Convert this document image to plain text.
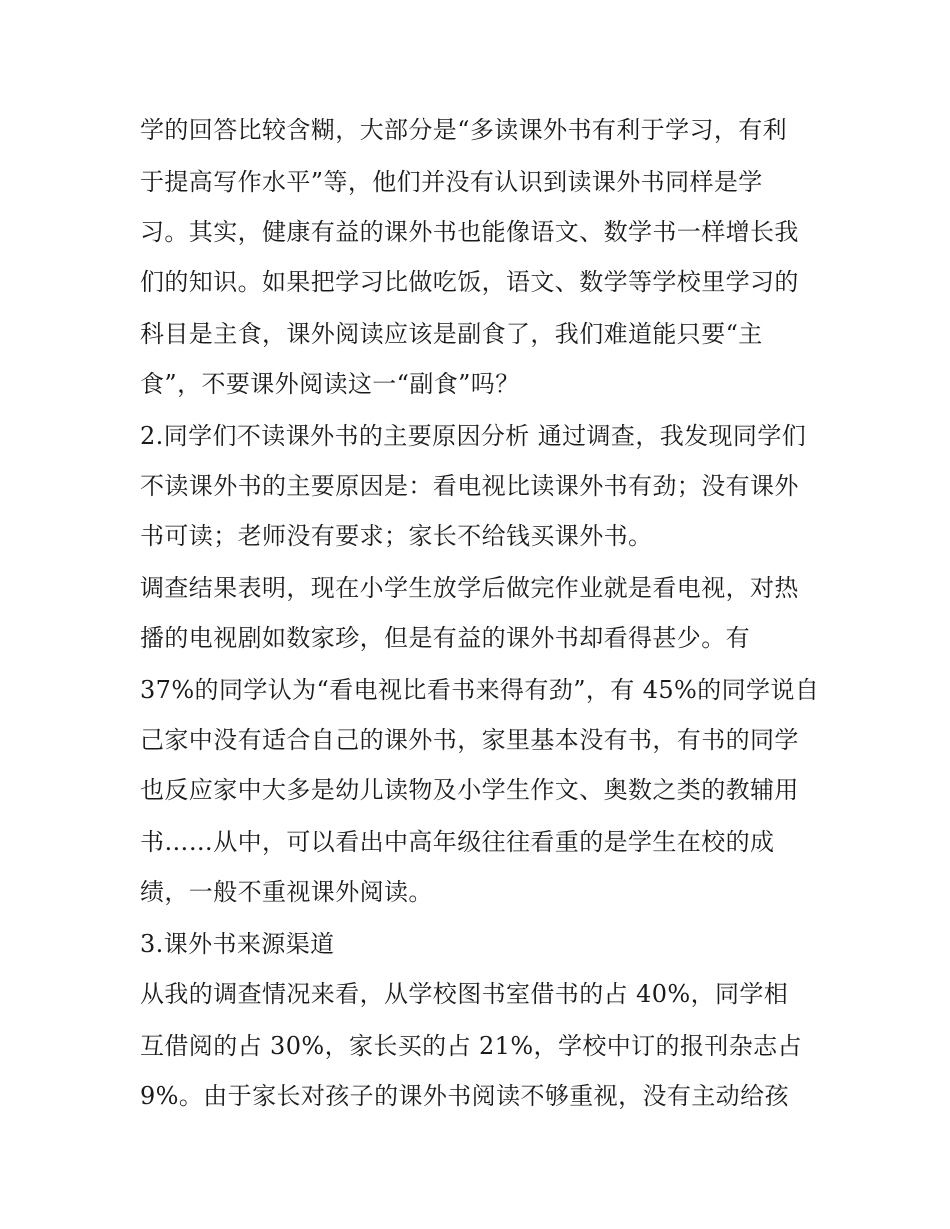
学的回答比较含糊，大部分是“多读课外书有利于学习，有利
于提高写作水平”等，他们并没有认识到读课外书同样是学
习。其实，健康有益的课外书也能像语文、数学书一样增长我
们的知识。如果把学习比做吃饭，语文、数学等学校里学习的
科目是主食，课外阅读应该是副食了，我们难道能只要“主
食”，不要课外阅读这一“副食”吗？
2.同学们不读课外书的主要原因分析 通过调查，我发现同学们
不读课外书的主要原因是：看电视比读课外书有劲；没有课外
书可读；老师没有要求；家长不给钱买课外书。
调查结果表明，现在小学生放学后做完作业就是看电视，对热
播的电视剧如数家珍，但是有益的课外书却看得甚少。有
37%的同学认为“看电视比看书来得有劲”，有 45%的同学说自
己家中没有适合自己的课外书，家里基本没有书，有书的同学
也反应家中大多是幼儿读物及小学生作文、奥数之类的教辅用
书……从中，可以看出中高年级往往看重的是学生在校的成
绩，一般不重视课外阅读。
3.课外书来源渠道
从我的调查情况来看，从学校图书室借书的占 40%，同学相
互借阅的占 30%，家长买的占 21%，学校中订的报刊杂志占
9%。由于家长对孩子的课外书阅读不够重视，没有主动给孩
